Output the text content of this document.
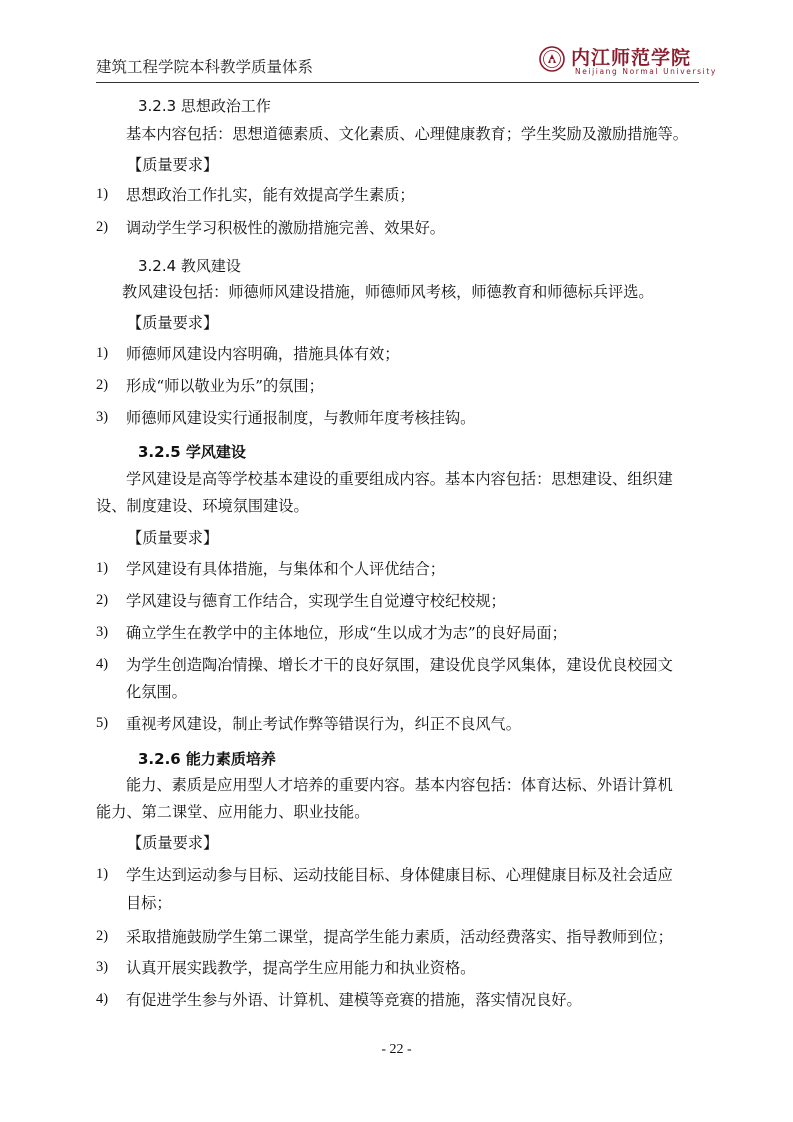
建筑工程学院本科教学质量体系	内江师范学院
Neijiang Normal University
3.2.3 思想政治工作
基本内容包括：思想道德素质、文化素质、心理健康教育；学生奖励及激励措施等。
【质量要求】
1) 思想政治工作扎实，能有效提高学生素质；
2) 调动学生学习积极性的激励措施完善、效果好。
3.2.4 教风建设
教风建设包括：师德师风建设措施，师德师风考核，师德教育和师德标兵评选。
【质量要求】
1) 师德师风建设内容明确，措施具体有效；
2) 形成“师以敬业为乐”的氛围；
3) 师德师风建设实行通报制度，与教师年度考核挂钩。
3.2.5 学风建设
学风建设是高等学校基本建设的重要组成内容。基本内容包括：思想建设、组织建
设、制度建设、环境氛围建设。
【质量要求】
1) 学风建设有具体措施，与集体和个人评优结合；
2) 学风建设与德育工作结合，实现学生自觉遵守校纪校规；
3) 确立学生在教学中的主体地位，形成“生以成才为志”的良好局面；
4) 为学生创造陶冶情操、增长才干的良好氛围，建设优良学风集体，建设优良校园文
化氛围。
5) 重视考风建设，制止考试作弊等错误行为，纠正不良风气。
3.2.6 能力素质培养
能力、素质是应用型人才培养的重要内容。基本内容包括：体育达标、外语计算机
能力、第二课堂、应用能力、职业技能。
【质量要求】
1) 学生达到运动参与目标、运动技能目标、身体健康目标、心理健康目标及社会适应
目标；
2) 采取措施鼓励学生第二课堂，提高学生能力素质，活动经费落实、指导教师到位；
3) 认真开展实践教学，提高学生应用能力和执业资格。
4) 有促进学生参与外语、计算机、建模等竞赛的措施，落实情况良好。
- 22 -
